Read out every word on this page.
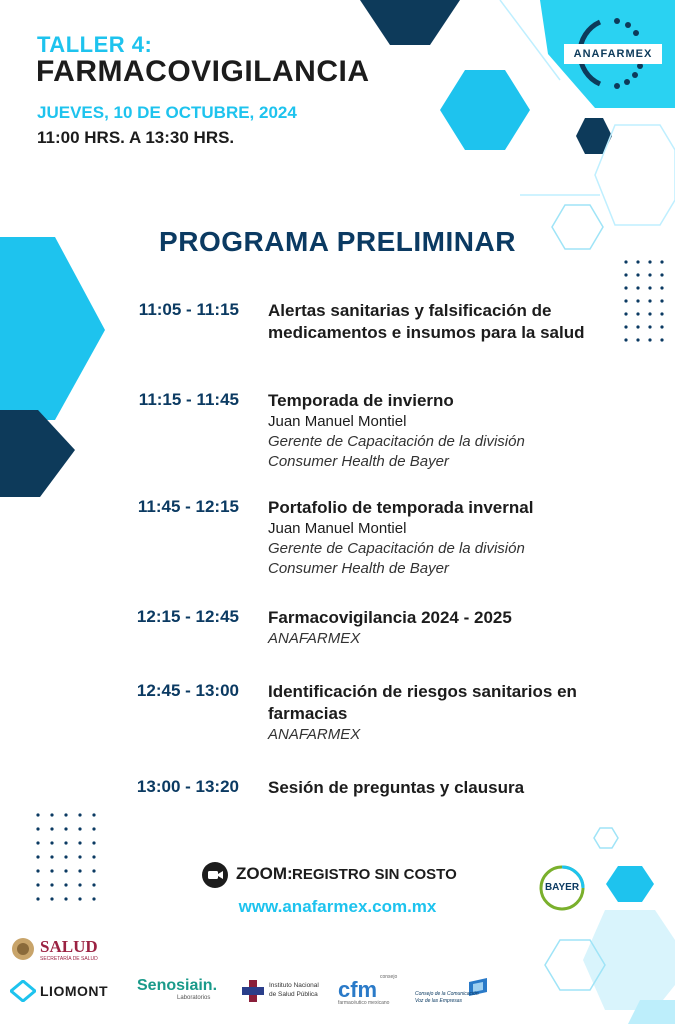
TALLER 4:
FARMACOVIGILANCIA
JUEVES, 10 DE OCTUBRE, 2024
11:00 HRS. A 13:30 HRS.
ANAFARMEX
PROGRAMA PRELIMINAR
11:05 - 11:15 Alertas sanitarias y falsificación de medicamentos e insumos para la salud
11:15 - 11:45 Temporada de invierno
Juan Manuel Montiel
Gerente de Capacitación de la división Consumer Health de Bayer
11:45 - 12:15 Portafolio de temporada invernal
Juan Manuel Montiel
Gerente de Capacitación de la división Consumer Health de Bayer
12:15 - 12:45 Farmacovigilancia 2024 - 2025
ANAFARMEX
12:45 - 13:00 Identificación de riesgos sanitarios en farmacias
ANAFARMEX
13:00 - 13:20 Sesión de preguntas y clausura
ZOOM: REGISTRO SIN COSTO
www.anafarmex.com.mx
BAYER
SALUD
SECRETARÍA DE SALUD
LIOMONT Senosiain.
Laboratorios
Instituto Nacional
de Salud Pública
consejo
cfm
farmacéutico mexicano
Consejo de la Comunicación
Voz de las Empresas
